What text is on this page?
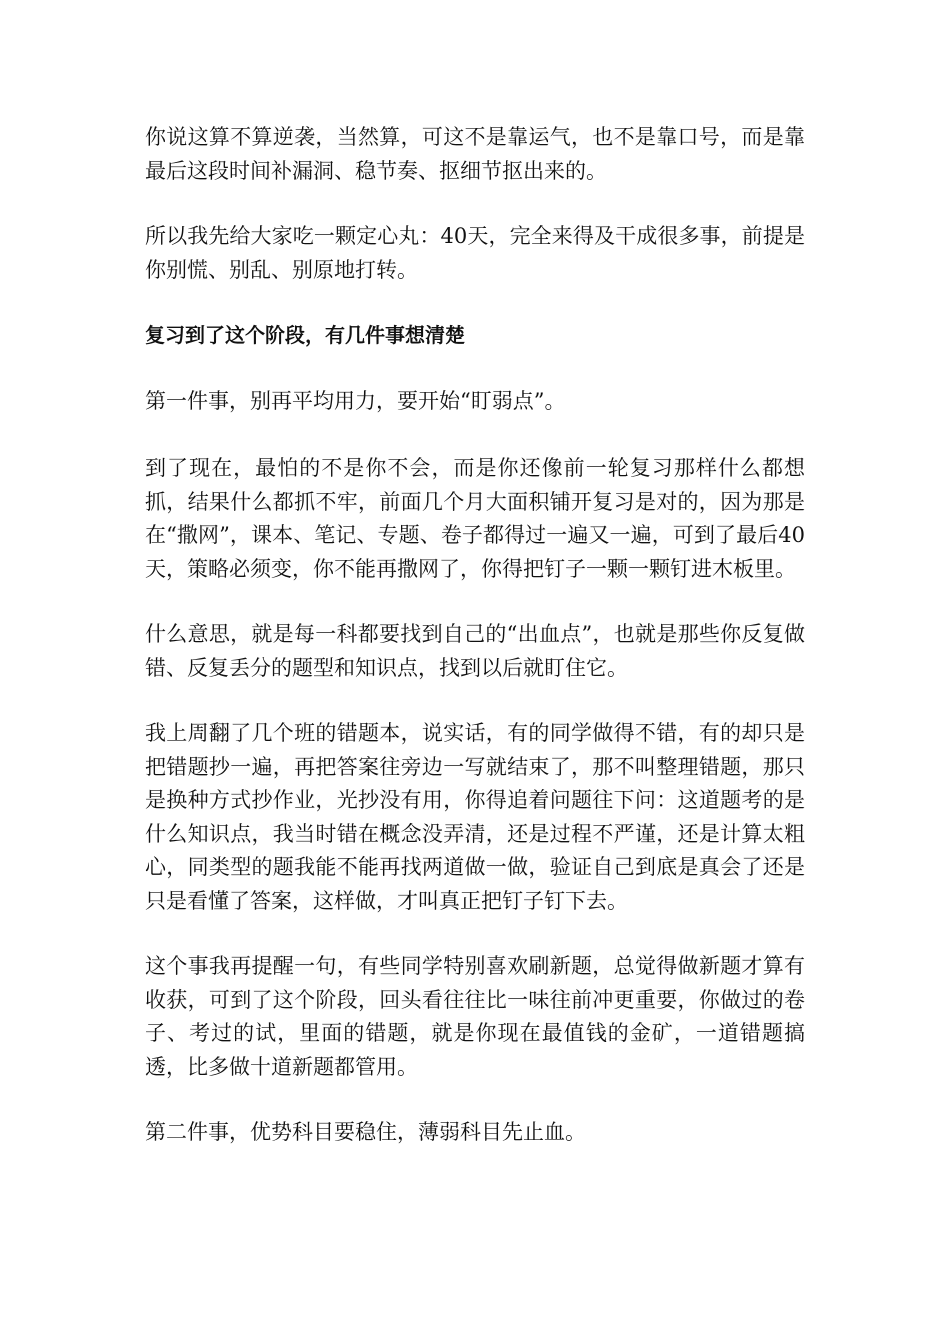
你说这算不算逆袭，当然算，可这不是靠运气，也不是靠口号，而是靠最后这段时间补漏洞、稳节奏、抠细节抠出来的。

所以我先给大家吃一颗定心丸：40天，完全来得及干成很多事，前提是你别慌、别乱、别原地打转。

复习到了这个阶段，有几件事想清楚

第一件事，别再平均用力，要开始“盯弱点”。

到了现在，最怕的不是你不会，而是你还像前一轮复习那样什么都想抓，结果什么都抓不牢，前面几个月大面积铺开复习是对的，因为那是在“撒网”，课本、笔记、专题、卷子都得过一遍又一遍，可到了最后40天，策略必须变，你不能再撒网了，你得把钉子一颗一颗钉进木板里。

什么意思，就是每一科都要找到自己的“出血点”，也就是那些你反复做错、反复丢分的题型和知识点，找到以后就盯住它。

我上周翻了几个班的错题本，说实话，有的同学做得不错，有的却只是把错题抄一遍，再把答案往旁边一写就结束了，那不叫整理错题，那只是换种方式抄作业，光抄没有用，你得追着问题往下问：这道题考的是什么知识点，我当时错在概念没弄清，还是过程不严谨，还是计算太粗心，同类型的题我能不能再找两道做一做，验证自己到底是真会了还是只是看懂了答案，这样做，才叫真正把钉子钉下去。

这个事我再提醒一句，有些同学特别喜欢刷新题，总觉得做新题才算有收获，可到了这个阶段，回头看往往比一味往前冲更重要，你做过的卷子、考过的试，里面的错题，就是你现在最值钱的金矿，一道错题搞透，比多做十道新题都管用。

第二件事，优势科目要稳住，薄弱科目先止血。
